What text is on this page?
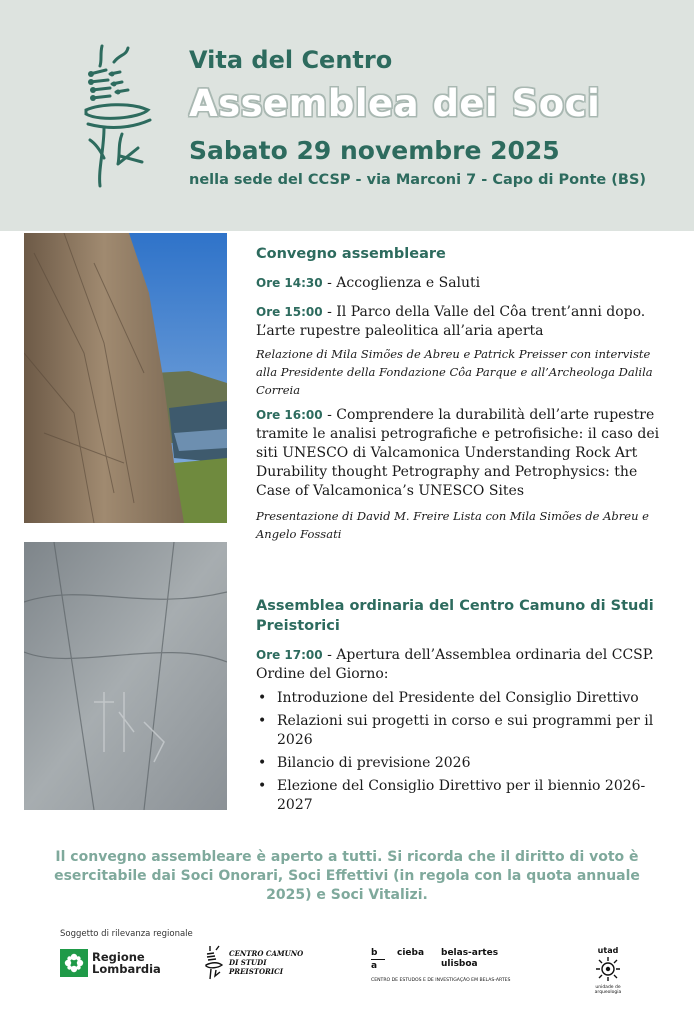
Vita del Centro
Assemblea dei Soci
Sabato 29 novembre 2025
nella sede del CCSP - via Marconi 7 - Capo di Ponte (BS)
Convegno assembleare
Ore 14:30 - Accoglienza e Saluti
Ore 15:00 - Il Parco della Valle del Côa trent’anni dopo. L’arte rupestre paleolitica all’aria aperta
Relazione di Mila Simões de Abreu e Patrick Preisser con interviste alla Presidente della Fondazione Côa Parque e all’Archeologa Dalila Correia
Ore 16:00 - Comprendere la durabilità dell’arte rupestre tramite le analisi petrografiche e petrofisiche: il caso dei siti UNESCO di Valcamonica Understanding Rock Art Durability thought Petrography and Petrophysics: the Case of Valcamonica’s UNESCO Sites
Presentazione di David M. Freire Lista con Mila Simões de Abreu e Angelo Fossati
Assemblea ordinaria del Centro Camuno di Studi Preistorici
Ore 17:00 - Apertura dell’Assemblea ordinaria del CCSP. Ordine del Giorno:
• Introduzione del Presidente del Consiglio Direttivo
• Relazioni sui progetti in corso e sui programmi per il 2026
• Bilancio di previsione 2026
• Elezione del Consiglio Direttivo per il biennio 2026-2027
Il convegno assembleare è aperto a tutti. Si ricorda che il diritto di voto è esercitabile dai Soci Onorari, Soci Effettivi (in regola con la quota annuale 2025) e Soci Vitalizi.
Soggetto di rilevanza regionale
Regione
Lombardia
CENTRO CAMUNO
DI STUDI
PREISTORICI
b
a
cieba	belas-artes
ulisboa
CENTRO DE ESTUDOS E DE INVESTIGAÇÃO EM BELAS-ARTES
utad
unidade de
arqueologia
